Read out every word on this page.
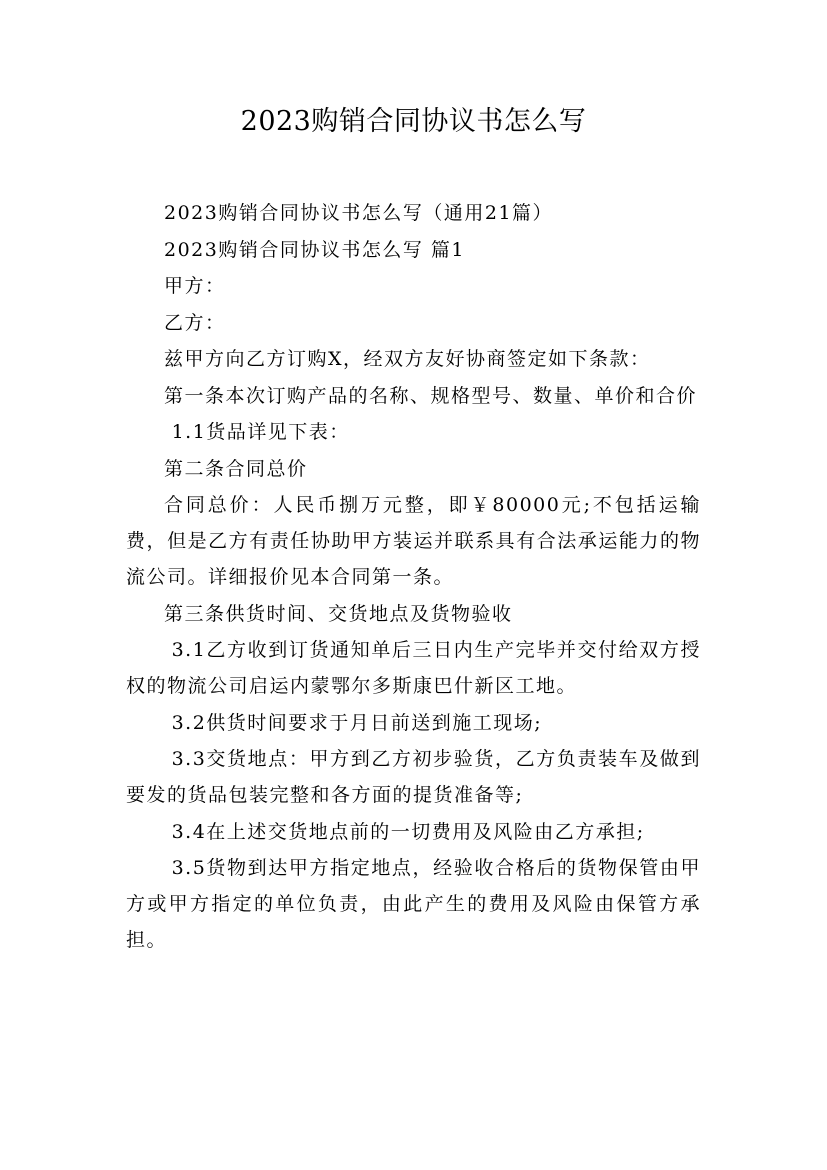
2023购销合同协议书怎么写

2023购销合同协议书怎么写（通用21篇）

2023购销合同协议书怎么写 篇1

甲方：

乙方：

兹甲方向乙方订购X，经双方友好协商签定如下条款：

第一条本次订购产品的名称、规格型号、数量、单价和合价

1.1货品详见下表：

第二条合同总价

合同总价：人民币捌万元整，即￥80000元;不包括运输费，但是乙方有责任协助甲方装运并联系具有合法承运能力的物流公司。详细报价见本合同第一条。

第三条供货时间、交货地点及货物验收

3.1乙方收到订货通知单后三日内生产完毕并交付给双方授权的物流公司启运内蒙鄂尔多斯康巴什新区工地。

3.2供货时间要求于月日前送到施工现场;

3.3交货地点：甲方到乙方初步验货，乙方负责装车及做到要发的货品包装完整和各方面的提货准备等;

3.4在上述交货地点前的一切费用及风险由乙方承担;

3.5货物到达甲方指定地点，经验收合格后的货物保管由甲方或甲方指定的单位负责，由此产生的费用及风险由保管方承担。
